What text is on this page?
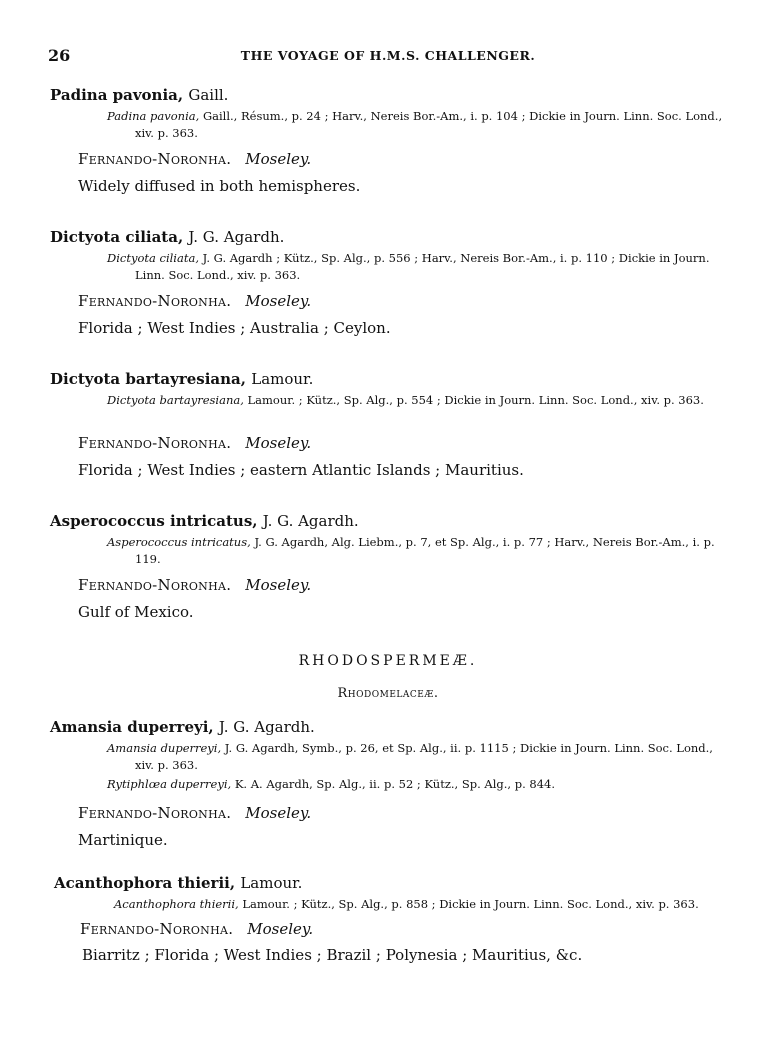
26	THE VOYAGE OF H.M.S. CHALLENGER.
Padina pavonia, Gaill.
Padina pavonia, Gaill., Résum., p. 24 ; Harv., Nereis Bor.-Am., i. p. 104 ; Dickie in Journ. Linn. Soc. Lond., xiv. p. 363.
Fernando-Noronha. Moseley.
Widely diffused in both hemispheres.
Dictyota ciliata, J. G. Agardh.
Dictyota ciliata, J. G. Agardh ; Kütz., Sp. Alg., p. 556 ; Harv., Nereis Bor.-Am., i. p. 110 ; Dickie in Journ. Linn. Soc. Lond., xiv. p. 363.
Fernando-Noronha. Moseley.
Florida ; West Indies ; Australia ; Ceylon.
Dictyota bartayresiana, Lamour.
Dictyota bartayresiana, Lamour. ; Kütz., Sp. Alg., p. 554 ; Dickie in Journ. Linn. Soc. Lond., xiv. p. 363.
Fernando-Noronha. Moseley.
Florida ; West Indies ; eastern Atlantic Islands ; Mauritius.
Asperococcus intricatus, J. G. Agardh.
Asperococcus intricatus, J. G. Agardh, Alg. Liebm., p. 7, et Sp. Alg., i. p. 77 ; Harv., Nereis Bor.-Am., i. p. 119.
Fernando-Noronha. Moseley.
Gulf of Mexico.
RHODOSPERMEÆ.
Rhodomelaceæ.
Amansia duperreyi, J. G. Agardh.
Amansia duperreyi, J. G. Agardh, Symb., p. 26, et Sp. Alg., ii. p. 1115 ; Dickie in Journ. Linn. Soc. Lond., xiv. p. 363.
Rytiphlœa duperreyi, K. A. Agardh, Sp. Alg., ii. p. 52 ; Kütz., Sp. Alg., p. 844.
Fernando-Noronha. Moseley.
Martinique.
Acanthophora thierii, Lamour.
Acanthophora thierii, Lamour. ; Kütz., Sp. Alg., p. 858 ; Dickie in Journ. Linn. Soc. Lond., xiv. p. 363.
Fernando-Noronha. Moseley.
Biarritz ; Florida ; West Indies ; Brazil ; Polynesia ; Mauritius, &c.
